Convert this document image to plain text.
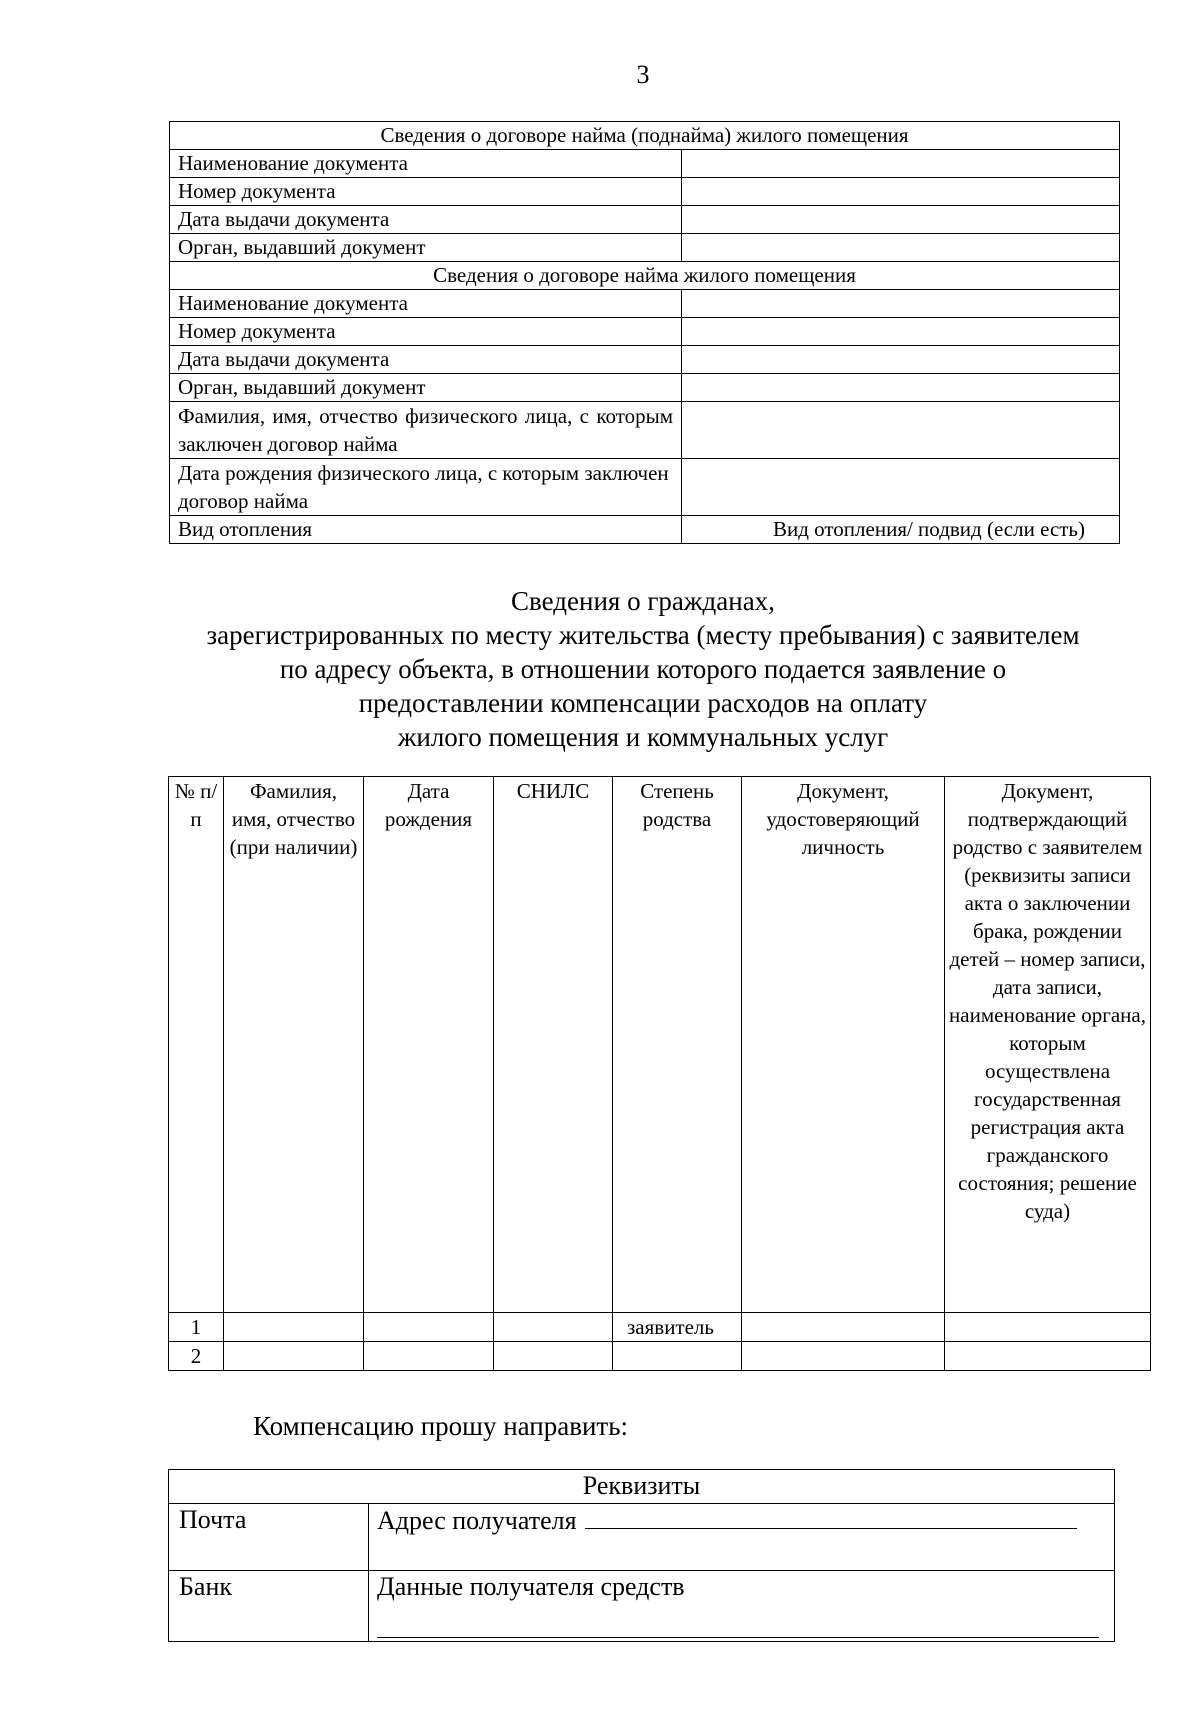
3
Сведения о договоре найма (поднайма) жилого помещения	
Наименование документа	
Номер документа	
Дата выдачи документа	
Орган, выдавший документ	
Сведения о договоре найма жилого помещения	
Наименование документа	
Номер документа	
Дата выдачи документа	
Орган, выдавший документ	
Фамилия, имя, отчество физического лица, с которым заключен договор найма	
Дата рождения физического лица, с которым заключен договор найма	
Вид отопления	Вид отопления/ подвид (если есть)
Сведения о гражданах,
зарегистрированных по месту жительства (месту пребывания) с заявителем
по адресу объекта, в отношении которого подается заявление о
предоставлении компенсации расходов на оплату
жилого помещения и коммунальных услуг
№ п/п	Фамилия, имя, отчество (при наличии)	Дата рождения	СНИЛС	Степень родства	Документ, удостоверяющий личность	Документ, подтверждающий родство с заявителем (реквизиты записи акта о заключении брака, рождении детей – номер записи, дата записи, наименование органа, которым осуществлена государственная регистрация акта гражданского состояния; решение суда)
1				заявитель		
2						
Компенсацию прошу направить:
Реквизиты	
Почта	Адрес получателя
Банк	Данные получателя средств
